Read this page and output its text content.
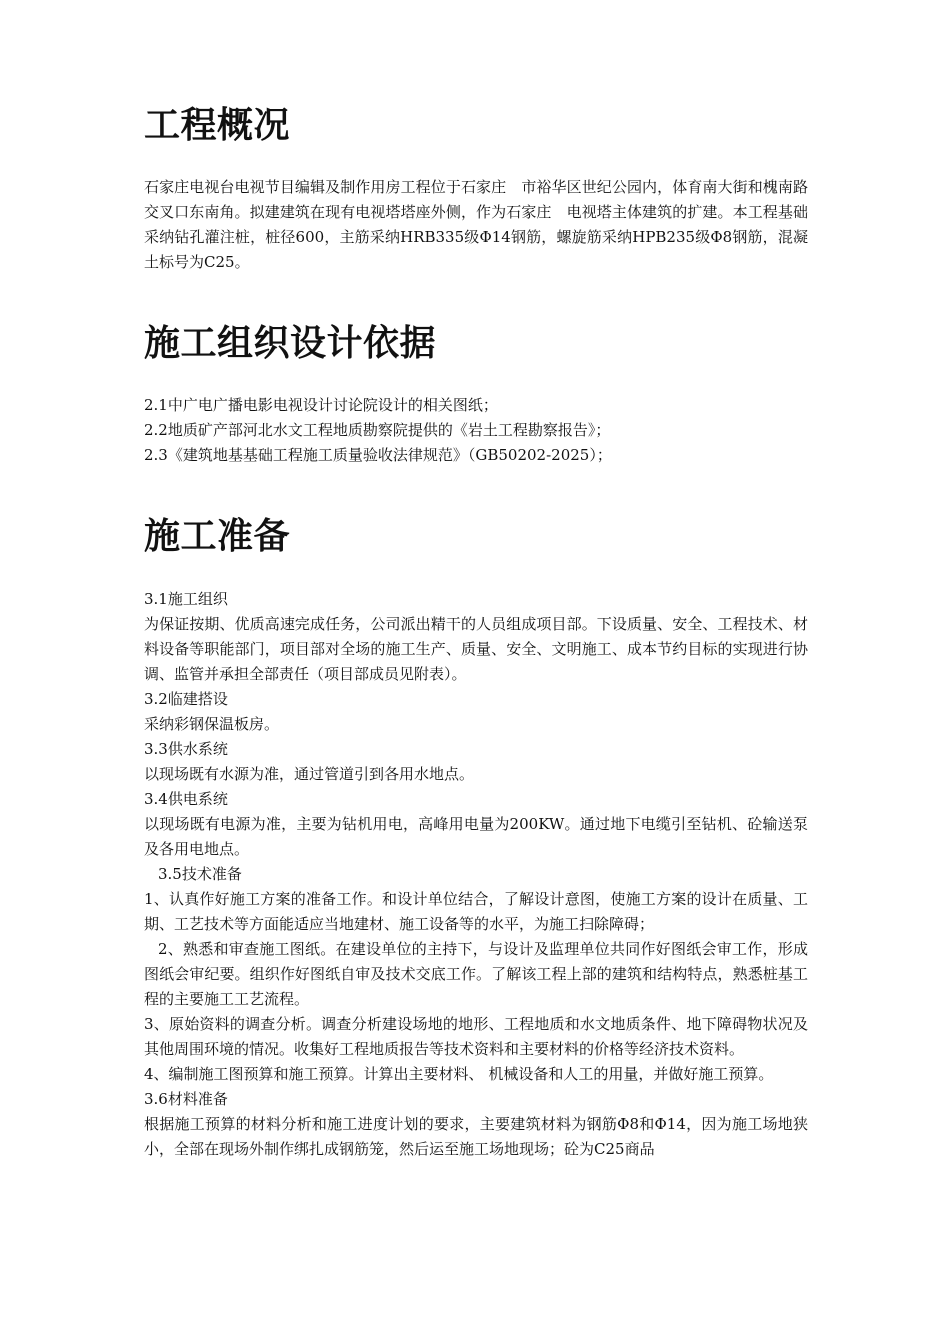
工程概况

石家庄电视台电视节目编辑及制作用房工程位于石家庄　市裕华区世纪公园内，体育南大街和槐南路交叉口东南角。拟建建筑在现有电视塔塔座外侧，作为石家庄　电视塔主体建筑的扩建。本工程基础采纳钻孔灌注桩，桩径600，主筋采纳HRB335级Φ14钢筋，螺旋筋采纳HPB235级Φ8钢筋，混凝土标号为C25。

施工组织设计依据

2.1中广电广播电影电视设计讨论院设计的相关图纸；

2.2地质矿产部河北水文工程地质勘察院提供的《岩土工程勘察报告》；

2.3《建筑地基基础工程施工质量验收法律规范》（GB50202-2025）；

施工准备

3.1施工组织

为保证按期、优质高速完成任务，公司派出精干的人员组成项目部。下设质量、安全、工程技术、材料设备等职能部门，项目部对全场的施工生产、质量、安全、文明施工、成本节约目标的实现进行协调、监管并承担全部责任（项目部成员见附表）。

3.2临建搭设

采纳彩钢保温板房。

3.3供水系统

以现场既有水源为准，通过管道引到各用水地点。

3.4供电系统

以现场既有电源为准，主要为钻机用电，高峰用电量为200KW。通过地下电缆引至钻机、砼输送泵及各用电地点。

3.5技术准备

1、认真作好施工方案的准备工作。和设计单位结合，了解设计意图，使施工方案的设计在质量、工期、工艺技术等方面能适应当地建材、施工设备等的水平，为施工扫除障碍；

2、熟悉和审查施工图纸。在建设单位的主持下，与设计及监理单位共同作好图纸会审工作，形成图纸会审纪要。组织作好图纸自审及技术交底工作。了解该工程上部的建筑和结构特点，熟悉桩基工程的主要施工工艺流程。

3、原始资料的调查分析。调查分析建设场地的地形、工程地质和水文地质条件、地下障碍物状况及其他周围环境的情况。收集好工程地质报告等技术资料和主要材料的价格等经济技术资料。

4、编制施工图预算和施工预算。计算出主要材料、 机械设备和人工的用量，并做好施工预算。

3.6材料准备

根据施工预算的材料分析和施工进度计划的要求，主要建筑材料为钢筋Φ8和Φ14，因为施工场地狭小，全部在现场外制作绑扎成钢筋笼，然后运至施工场地现场；砼为C25商品
